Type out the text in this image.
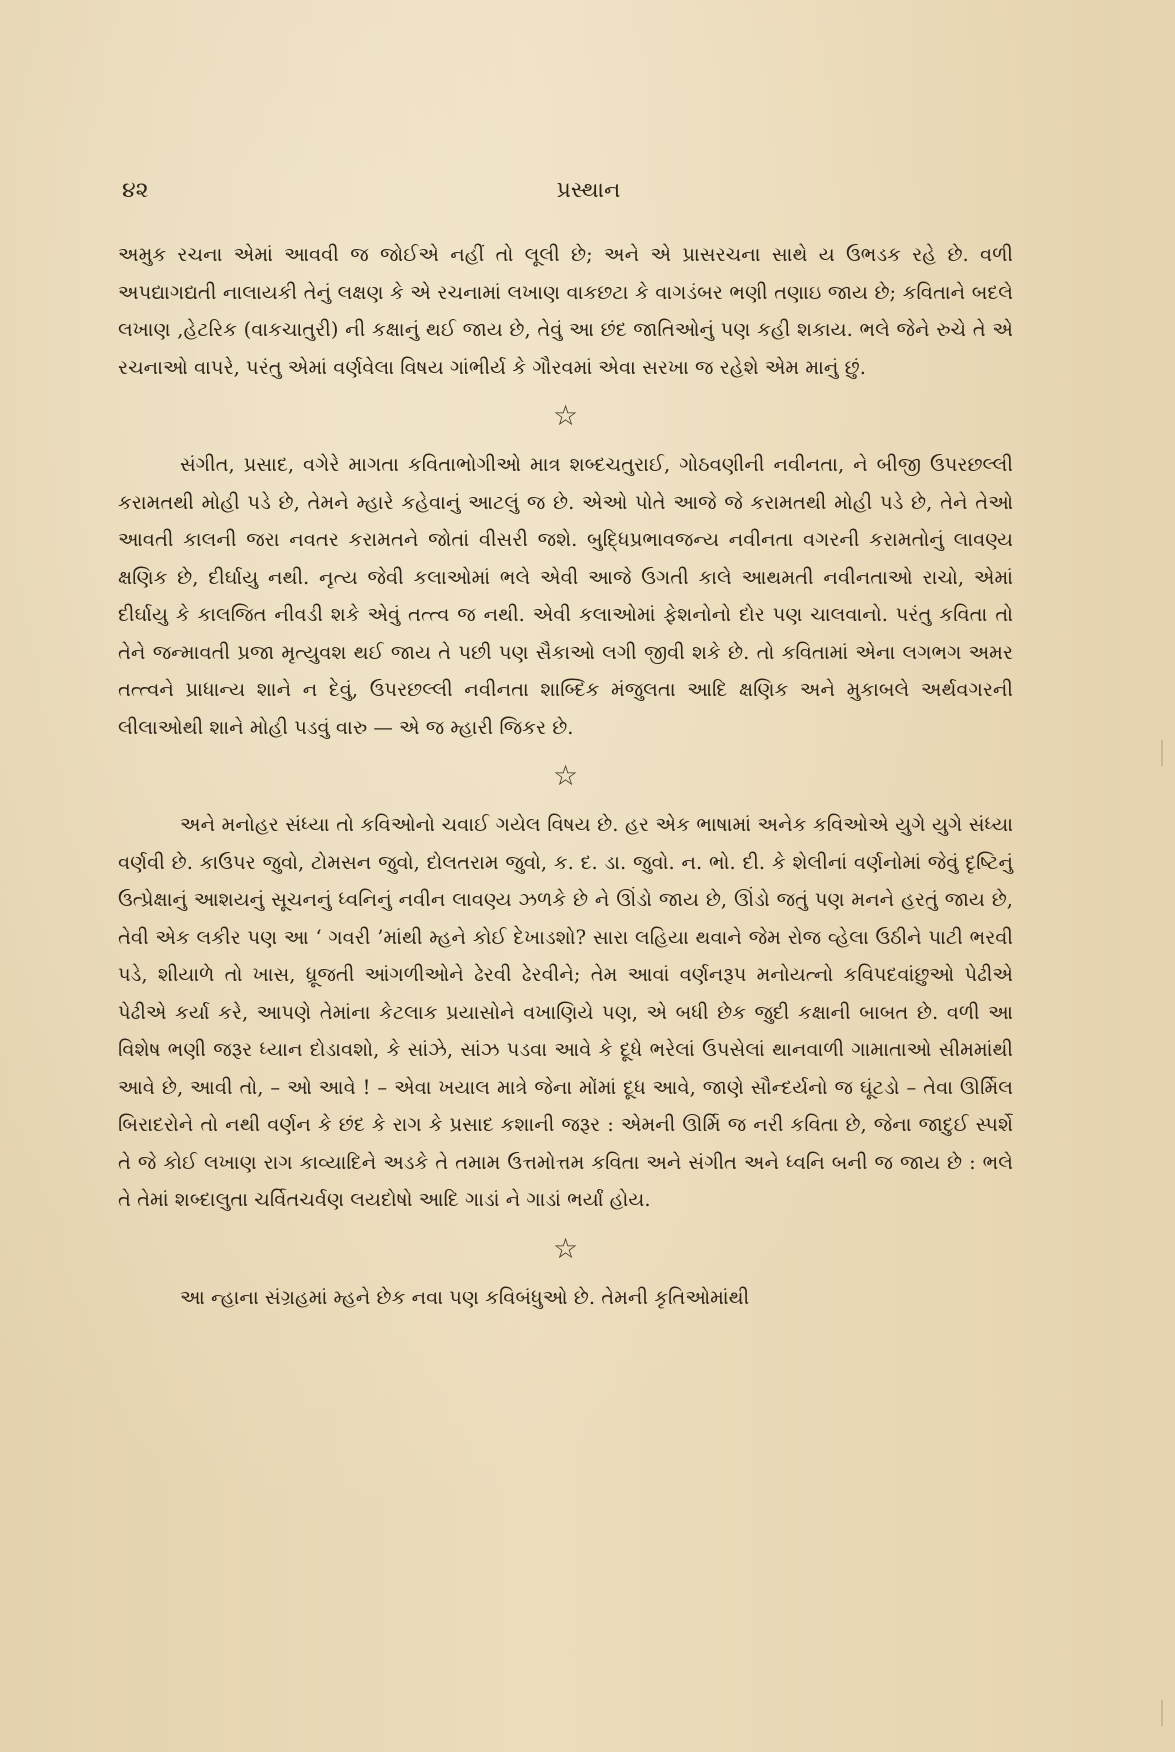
૪૨	પ્રસ્થાન

અમુક રચના એમાં આવવી જ જોઈએ નહીં તો લૂલી છે; અને એ પ્રાસરચના સાથે ય ઉભડક રહે છે. વળી અપદ્યાગદ્યતી નાલાયકી તેનું લક્ષણ કે એ રચનામાં લખાણ વાકછટા કે વાગડંબર ભણી તણાઇ જાય છે; કવિતાને બદલે લખાણ ,હેટરિક (વાકચાતુરી) ની કક્ષાનું થઈ જાય છે, તેવું આ છંદ જાતિઓનું પણ કહી શકાય. ભલે જેને રુચે તે એ રચનાઓ વાપરે, પરંતુ એમાં વર્ણવેલા વિષય ગાંભીર્ય કે ગૌરવમાં એવા સરખા જ રહેશે એમ માનું છું.

☆

સંગીત, પ્રસાદ, વગેરે માગતા કવિતાભોગીઓ માત્ર શબ્દચતુરાઈ, ગોઠવણીની નવીનતા, ને બીજી ઉપરછલ્લી કરામતથી મોહી પડે છે, તેમને મ્હારે કહેવાનું આટલું જ છે. એઓ પોતે આજે જે કરામતથી મોહી પડે છે, તેને તેઓ આવતી કાલની જરા નવતર કરામતને જોતાં વીસરી જશે. બુદ્ધિપ્રભાવજન્ય નવીનતા વગરની કરામતોનું લાવણ્ય ક્ષણિક છે, દીર્ઘાયુ નથી. નૃત્ય જેવી કલાઓમાં ભલે એવી આજે ઉગતી કાલે આથમતી નવીનતાઓ રાચો, એમાં દીર્ઘાયુ કે કાલજિત નીવડી શકે એવું તત્ત્વ જ નથી. એવી કલાઓમાં ફેશનોનો દોર પણ ચાલવાનો. પરંતુ કવિતા તો તેને જન્માવતી પ્રજા મૃત્યુવશ થઈ જાય તે પછી પણ સૈકાઓ લગી જીવી શકે છે. તો કવિતામાં એના લગભગ અમર તત્ત્વને પ્રાધાન્ય શાને ન દેવું, ઉપરછલ્લી નવીનતા શાબ્દિક મંજુલતા આદિ ક્ષણિક અને મુકાબલે અર્થવગરની લીલાઓથી શાને મોહી પડવું વારુ — એ જ મ્હારી જિકર છે.

☆

અને મનોહર સંધ્યા તો કવિઓનો ચવાઈ ગયેલ વિષય છે. હર એક ભાષામાં અનેક કવિઓએ યુગે યુગે સંધ્યા વર્ણવી છે. કાઉપર જુવો, ટોમસન જુવો, દોલતરામ જુવો, ક. દ. ડા. જુવો. ન. ભો. દી. કે શેલીનાં વર્ણનોમાં જેવું દૃષ્ટિનું ઉત્પ્રેક્ષાનું આશયનું સૂચનનું ધ્વનિનું નવીન લાવણ્ય ઝળકે છે ને ઊંડો જાય છે, ઊંડો જતું પણ મનને હરતું જાય છે, તેવી એક લકીર પણ આ ‘ ગવરી ’માંથી મ્હને કોઈ દેખાડશો? સારા લહિયા થવાને જેમ રોજ વ્હેલા ઉઠીને પાટી ભરવી પડે, શીયાળે તો ખાસ, ધ્રૂજતી આંગળીઓને ઢેરવી ઢેરવીને; તેમ આવાં વર્ણનરૂપ મનોયત્નો કવિપદવાંછુઓ પેઢીએ પેઢીએ કર્યા કરે, આપણે તેમાંના કેટલાક પ્રયાસોને વખાણિયે પણ, એ બધી છેક જુદી કક્ષાની બાબત છે. વળી આ વિશેષ ભણી જરૂર ધ્યાન દોડાવશો, કે સાંઝે, સાંઝ પડવા આવે કે દૂધે ભરેલાં ઉપસેલાં થાનવાળી ગામાતાઓ સીમમાંથી આવે છે, આવી તો, – ઓ આવે ! – એવા ખયાલ માત્રે જેના મોંમાં દૂધ આવે, જાણે સૌન્દર્યનો જ ઘૂંટડો – તેવા ઊર્મિલ બિરાદરોને તો નથી વર્ણન કે છંદ કે રાગ કે પ્રસાદ કશાની જરૂર : એમની ઊર્મિ જ નરી કવિતા છે, જેના જાદુઈ સ્પર્શે તે જે કોઈ લખાણ રાગ કાવ્યાદિને અડકે તે તમામ ઉત્તમોત્તમ કવિતા અને સંગીત અને ધ્વનિ બની જ જાય છે : ભલે તે તેમાં શબ્દાલુતા ચર્વિતચર્વણ લયદોષો આદિ ગાડાં ને ગાડાં ભર્યાં હોય.

☆

આ ન્હાના સંગ્રહમાં મ્હને છેક નવા પણ કવિબંધુઓ છે. તેમની કૃતિઓમાંથી
